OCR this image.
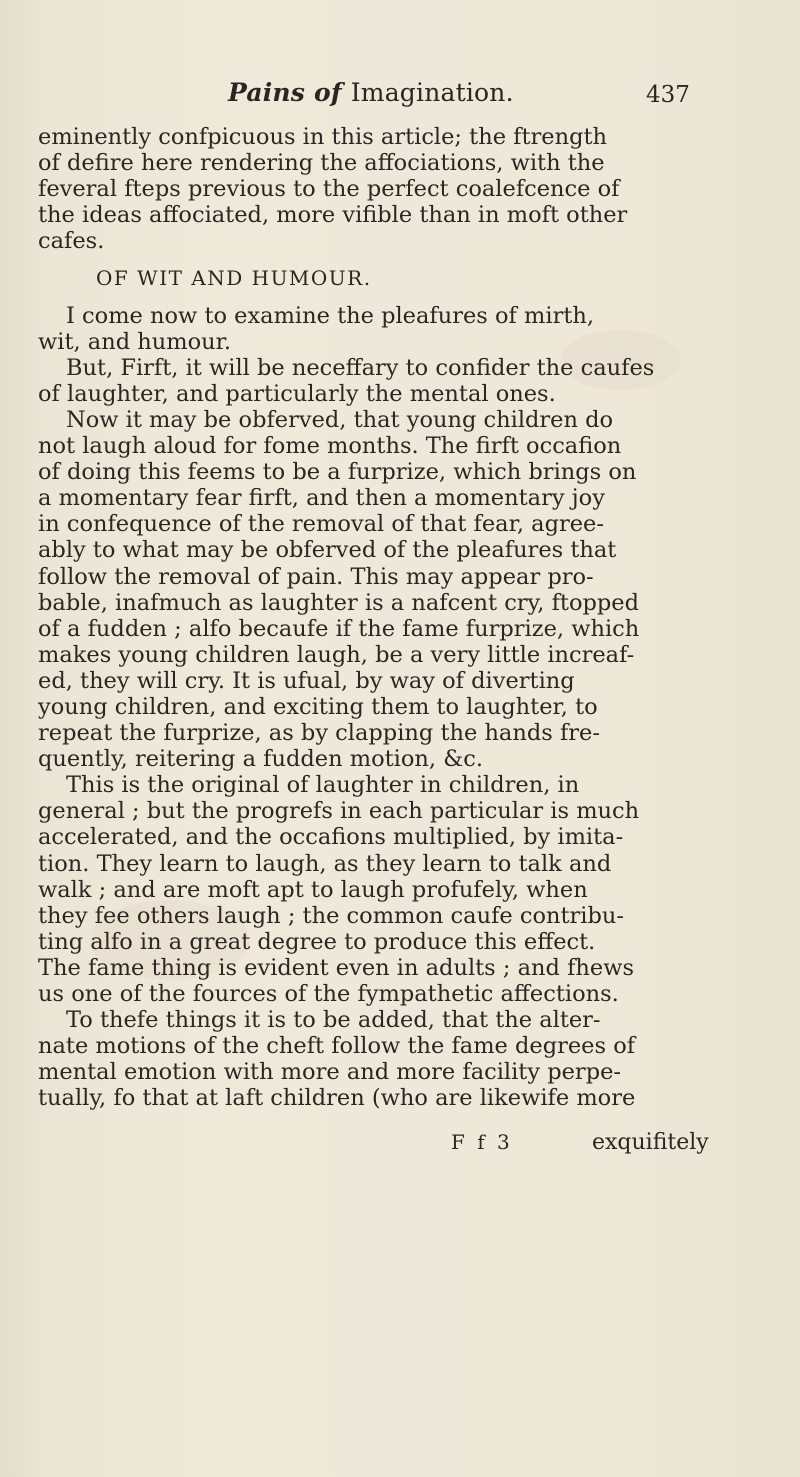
Pains of Imagination.	437
eminently confpicuous in this article; the ftrength
of defire here rendering the affociations, with the
feveral fteps previous to the perfect coalefcence of
the ideas affociated, more vifible than in moft other
cafes.
OF WIT AND HUMOUR.
I come now to examine the pleafures of mirth,
wit, and humour.
But, Firft, it will be neceffary to confider the caufes
of laughter, and particularly the mental ones.
Now it may be obferved, that young children do
not laugh aloud for fome months. The firft occafion
of doing this feems to be a furprize, which brings on
a momentary fear firft, and then a momentary joy
in confequence of the removal of that fear, agree-
ably to what may be obferved of the pleafures that
follow the removal of pain. This may appear pro-
bable, inafmuch as laughter is a nafcent cry, ftopped
of a fudden ; alfo becaufe if the fame furprize, which
makes young children laugh, be a very little increaf-
ed, they will cry. It is ufual, by way of diverting
young children, and exciting them to laughter, to
repeat the furprize, as by clapping the hands fre-
quently, reitering a fudden motion, &c.
This is the original of laughter in children, in
general ; but the progrefs in each particular is much
accelerated, and the occafions multiplied, by imita-
tion. They learn to laugh, as they learn to talk and
walk ; and are moft apt to laugh profufely, when
they fee others laugh ; the common caufe contribu-
ting alfo in a great degree to produce this effect.
The fame thing is evident even in adults ; and fhews
us one of the fources of the fympathetic affections.
To thefe things it is to be added, that the alter-
nate motions of the cheft follow the fame degrees of
mental emotion with more and more facility perpe-
tually, fo that at laft children (who are likewife more
F f 3	exquifitely
